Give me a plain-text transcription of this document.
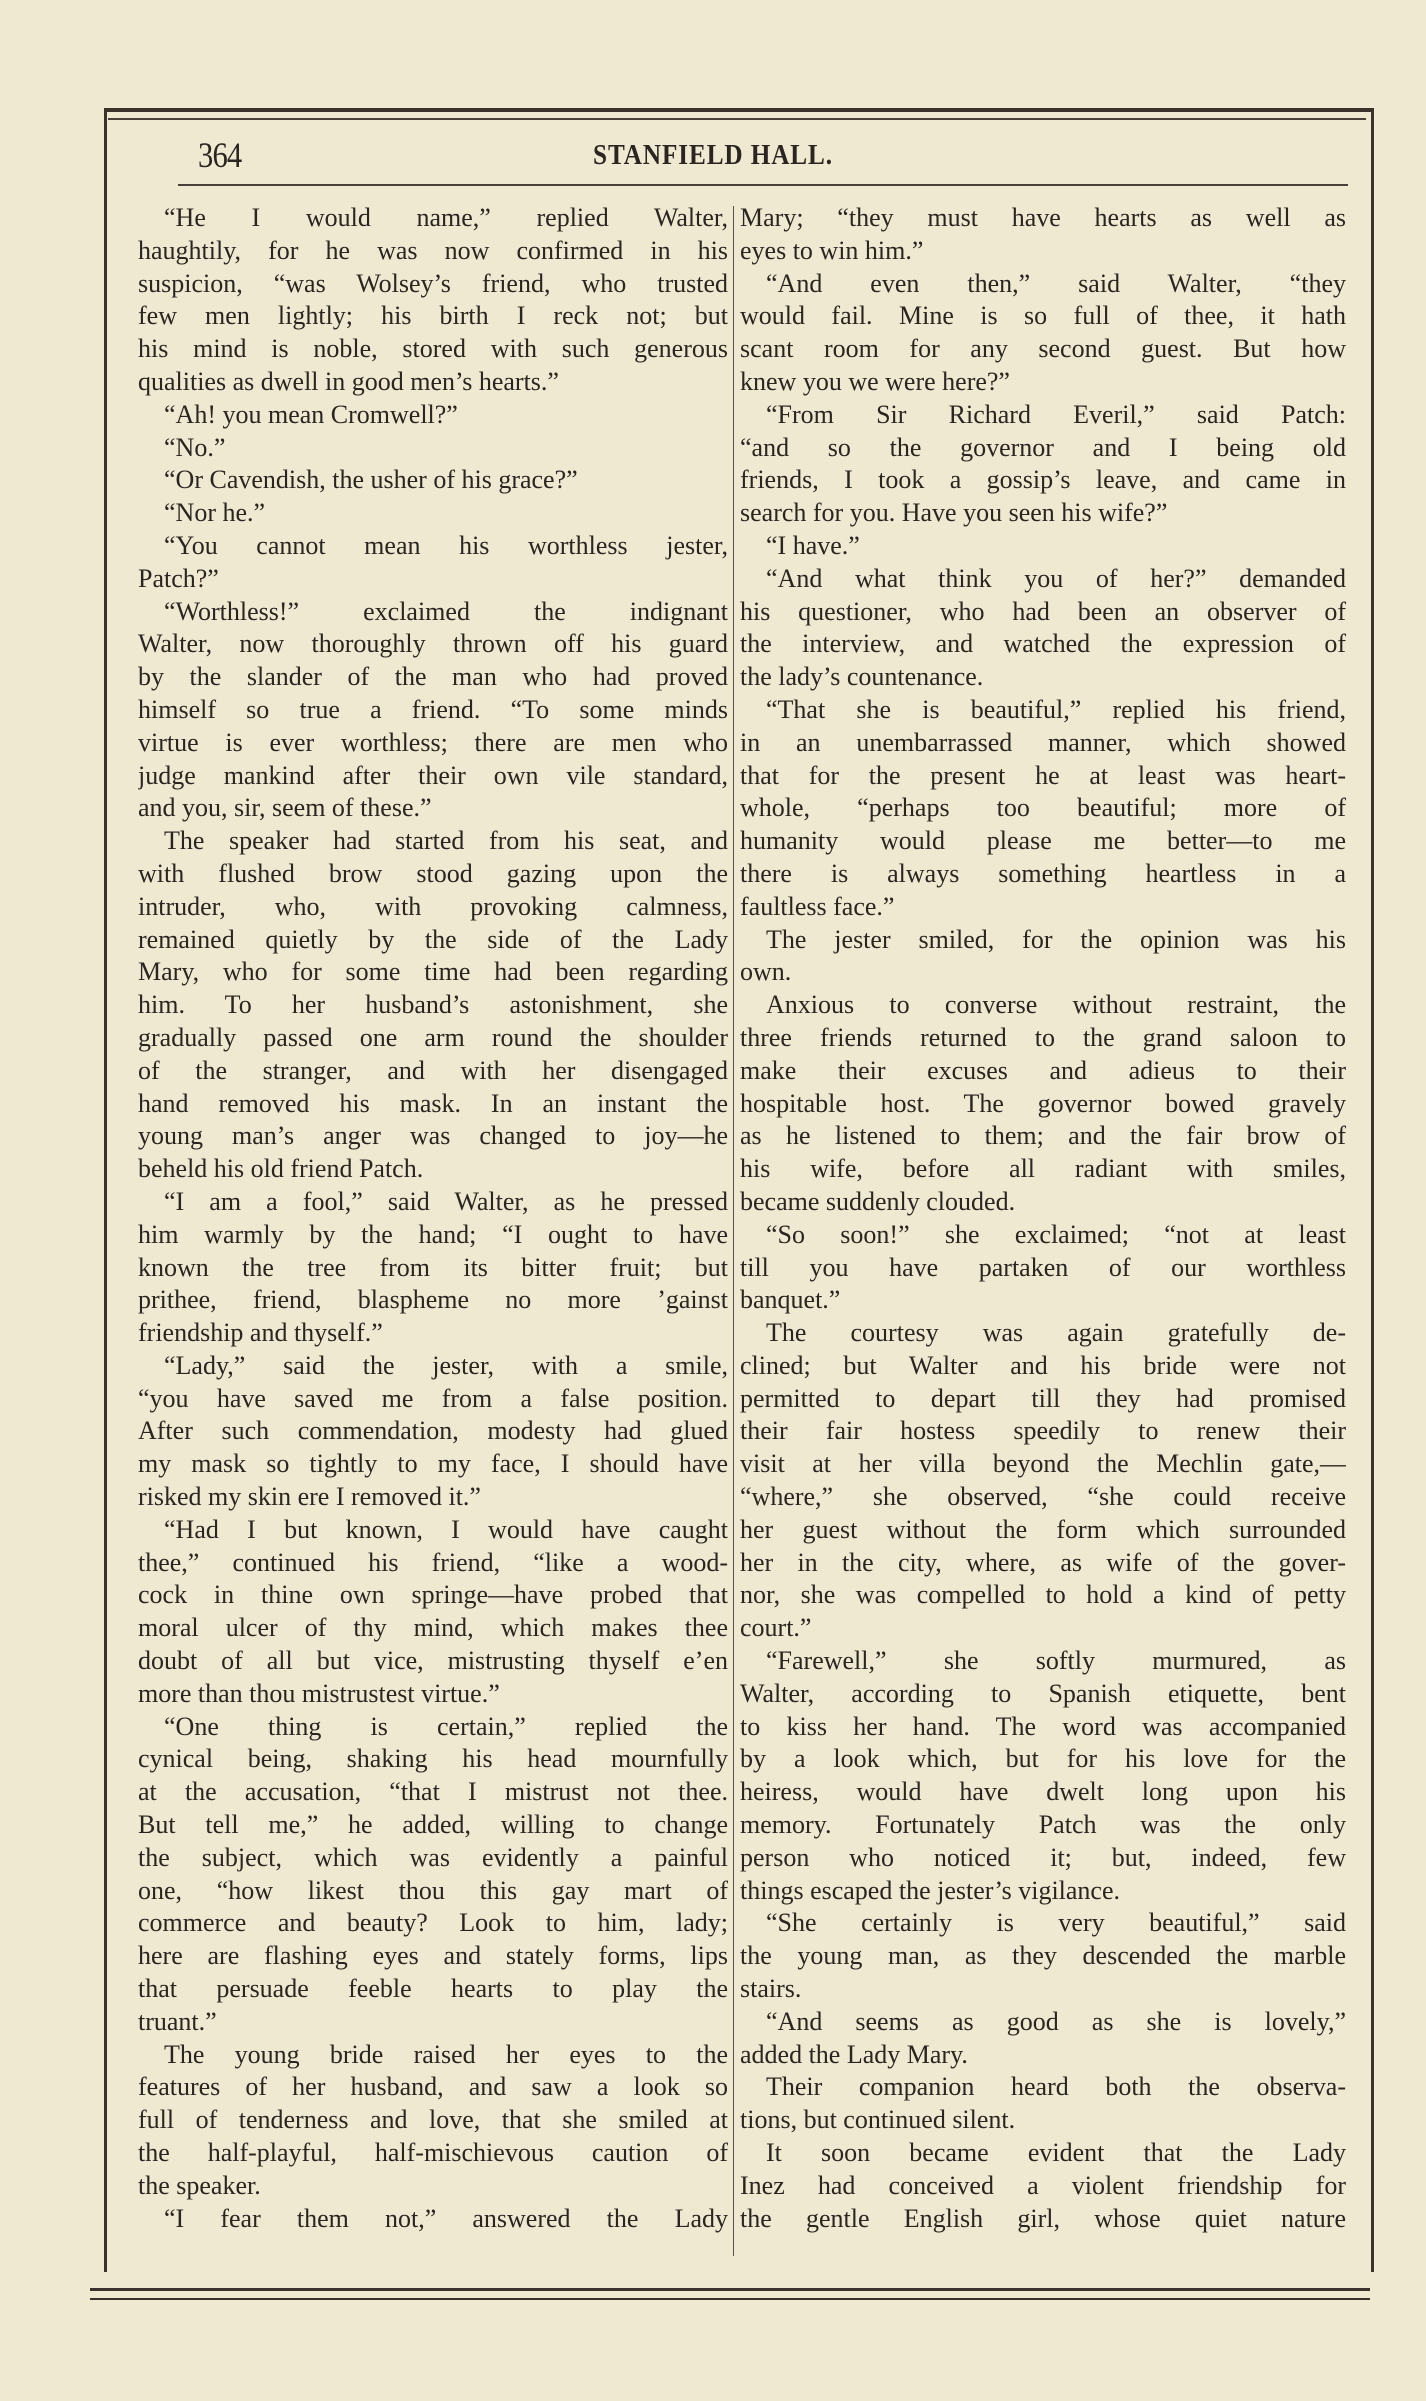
364	STANFIELD HALL.
“He I would name,” replied Walter,
haughtily, for he was now confirmed in his
suspicion, “was Wolsey’s friend, who trusted
few men lightly; his birth I reck not; but
his mind is noble, stored with such generous
qualities as dwell in good men’s hearts.”
“Ah! you mean Cromwell?”
“No.”
“Or Cavendish, the usher of his grace?”
“Nor he.”
“You cannot mean his worthless jester,
Patch?”
“Worthless!” exclaimed the indignant
Walter, now thoroughly thrown off his guard
by the slander of the man who had proved
himself so true a friend. “To some minds
virtue is ever worthless; there are men who
judge mankind after their own vile standard,
and you, sir, seem of these.”
The speaker had started from his seat, and
with flushed brow stood gazing upon the
intruder, who, with provoking calmness,
remained quietly by the side of the Lady
Mary, who for some time had been regarding
him. To her husband’s astonishment, she
gradually passed one arm round the shoulder
of the stranger, and with her disengaged
hand removed his mask. In an instant the
young man’s anger was changed to joy—he
beheld his old friend Patch.
“I am a fool,” said Walter, as he pressed
him warmly by the hand; “I ought to have
known the tree from its bitter fruit; but
prithee, friend, blaspheme no more ’gainst
friendship and thyself.”
“Lady,” said the jester, with a smile,
“you have saved me from a false position.
After such commendation, modesty had glued
my mask so tightly to my face, I should have
risked my skin ere I removed it.”
“Had I but known, I would have caught
thee,” continued his friend, “like a wood-
cock in thine own springe—have probed that
moral ulcer of thy mind, which makes thee
doubt of all but vice, mistrusting thyself e’en
more than thou mistrustest virtue.”
“One thing is certain,” replied the
cynical being, shaking his head mournfully
at the accusation, “that I mistrust not thee.
But tell me,” he added, willing to change
the subject, which was evidently a painful
one, “how likest thou this gay mart of
commerce and beauty? Look to him, lady;
here are flashing eyes and stately forms, lips
that persuade feeble hearts to play the
truant.”
The young bride raised her eyes to the
features of her husband, and saw a look so
full of tenderness and love, that she smiled at
the half-playful, half-mischievous caution of
the speaker.
“I fear them not,” answered the Lady
Mary; “they must have hearts as well as
eyes to win him.”
“And even then,” said Walter, “they
would fail. Mine is so full of thee, it hath
scant room for any second guest. But how
knew you we were here?”
“From Sir Richard Everil,” said Patch:
“and so the governor and I being old
friends, I took a gossip’s leave, and came in
search for you. Have you seen his wife?”
“I have.”
“And what think you of her?” demanded
his questioner, who had been an observer of
the interview, and watched the expression of
the lady’s countenance.
“That she is beautiful,” replied his friend,
in an unembarrassed manner, which showed
that for the present he at least was heart-
whole, “perhaps too beautiful; more of
humanity would please me better—to me
there is always something heartless in a
faultless face.”
The jester smiled, for the opinion was his
own.
Anxious to converse without restraint, the
three friends returned to the grand saloon to
make their excuses and adieus to their
hospitable host. The governor bowed gravely
as he listened to them; and the fair brow of
his wife, before all radiant with smiles,
became suddenly clouded.
“So soon!” she exclaimed; “not at least
till you have partaken of our worthless
banquet.”
The courtesy was again gratefully de-
clined; but Walter and his bride were not
permitted to depart till they had promised
their fair hostess speedily to renew their
visit at her villa beyond the Mechlin gate,—
“where,” she observed, “she could receive
her guest without the form which surrounded
her in the city, where, as wife of the gover-
nor, she was compelled to hold a kind of petty
court.”
“Farewell,” she softly murmured, as
Walter, according to Spanish etiquette, bent
to kiss her hand. The word was accompanied
by a look which, but for his love for the
heiress, would have dwelt long upon his
memory. Fortunately Patch was the only
person who noticed it; but, indeed, few
things escaped the jester’s vigilance.
“She certainly is very beautiful,” said
the young man, as they descended the marble
stairs.
“And seems as good as she is lovely,”
added the Lady Mary.
Their companion heard both the observa-
tions, but continued silent.
It soon became evident that the Lady
Inez had conceived a violent friendship for
the gentle English girl, whose quiet nature
